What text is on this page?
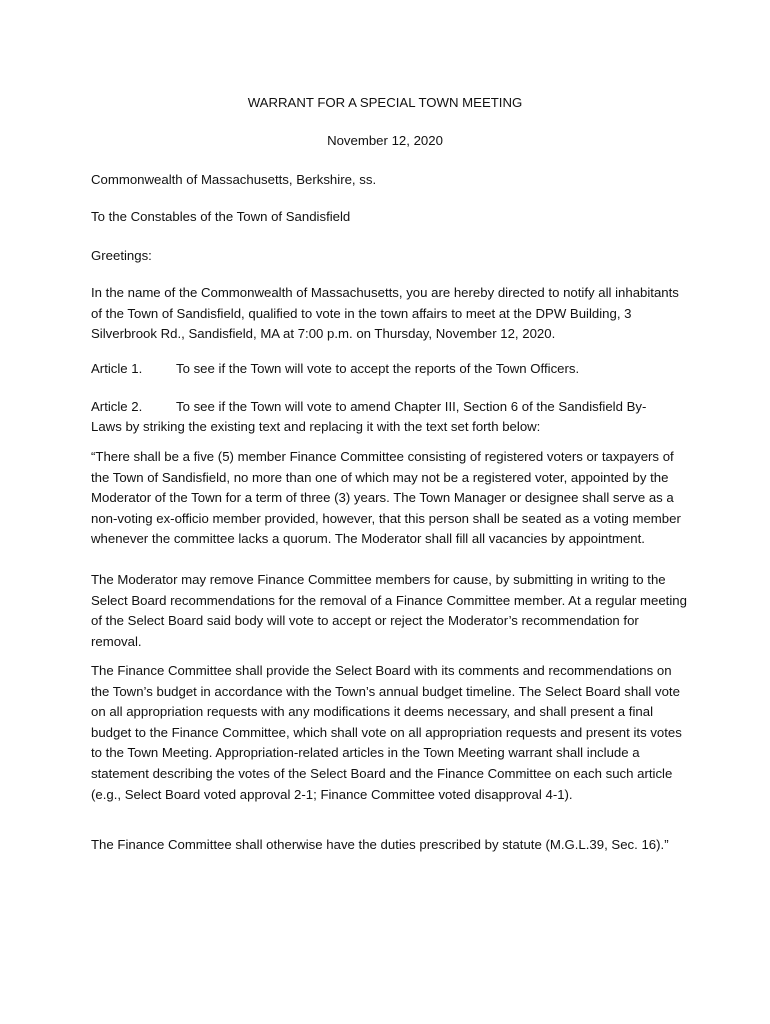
WARRANT FOR A SPECIAL TOWN MEETING

November 12, 2020

Commonwealth of Massachusetts, Berkshire, ss.

To the Constables of the Town of Sandisfield

Greetings:

In the name of the Commonwealth of Massachusetts, you are hereby directed to notify all inhabitants of the Town of Sandisfield, qualified to vote in the town affairs to meet at the DPW Building, 3 Silverbrook Rd., Sandisfield, MA at 7:00 p.m. on Thursday, November 12, 2020.

Article 1.	To see if the Town will vote to accept the reports of the Town Officers.

Article 2.	To see if the Town will vote to amend Chapter III, Section 6 of the Sandisfield By-

Laws by striking the existing text and replacing it with the text set forth below:

“There shall be a five (5) member Finance Committee consisting of registered voters or taxpayers of the Town of Sandisfield, no more than one of which may not be a registered voter, appointed by the Moderator of the Town for a term of three (3) years. The Town Manager or designee shall serve as a non-voting ex-officio member provided, however, that this person shall be seated as a voting member whenever the committee lacks a quorum. The Moderator shall fill all vacancies by appointment.

The Moderator may remove Finance Committee members for cause, by submitting in writing to the Select Board recommendations for the removal of a Finance Committee member. At a regular meeting of the Select Board said body will vote to accept or reject the Moderator’s recommendation for removal.

The Finance Committee shall provide the Select Board with its comments and recommendations on the Town’s budget in accordance with the Town’s annual budget timeline. The Select Board shall vote on all appropriation requests with any modifications it deems necessary, and shall present a final budget to the Finance Committee, which shall vote on all appropriation requests and present its votes to the Town Meeting. Appropriation-related articles in the Town Meeting warrant shall include a statement describing the votes of the Select Board and the Finance Committee on each such article (e.g., Select Board voted approval 2-1; Finance Committee voted disapproval 4-1).

The Finance Committee shall otherwise have the duties prescribed by statute (M.G.L.39, Sec. 16).”
